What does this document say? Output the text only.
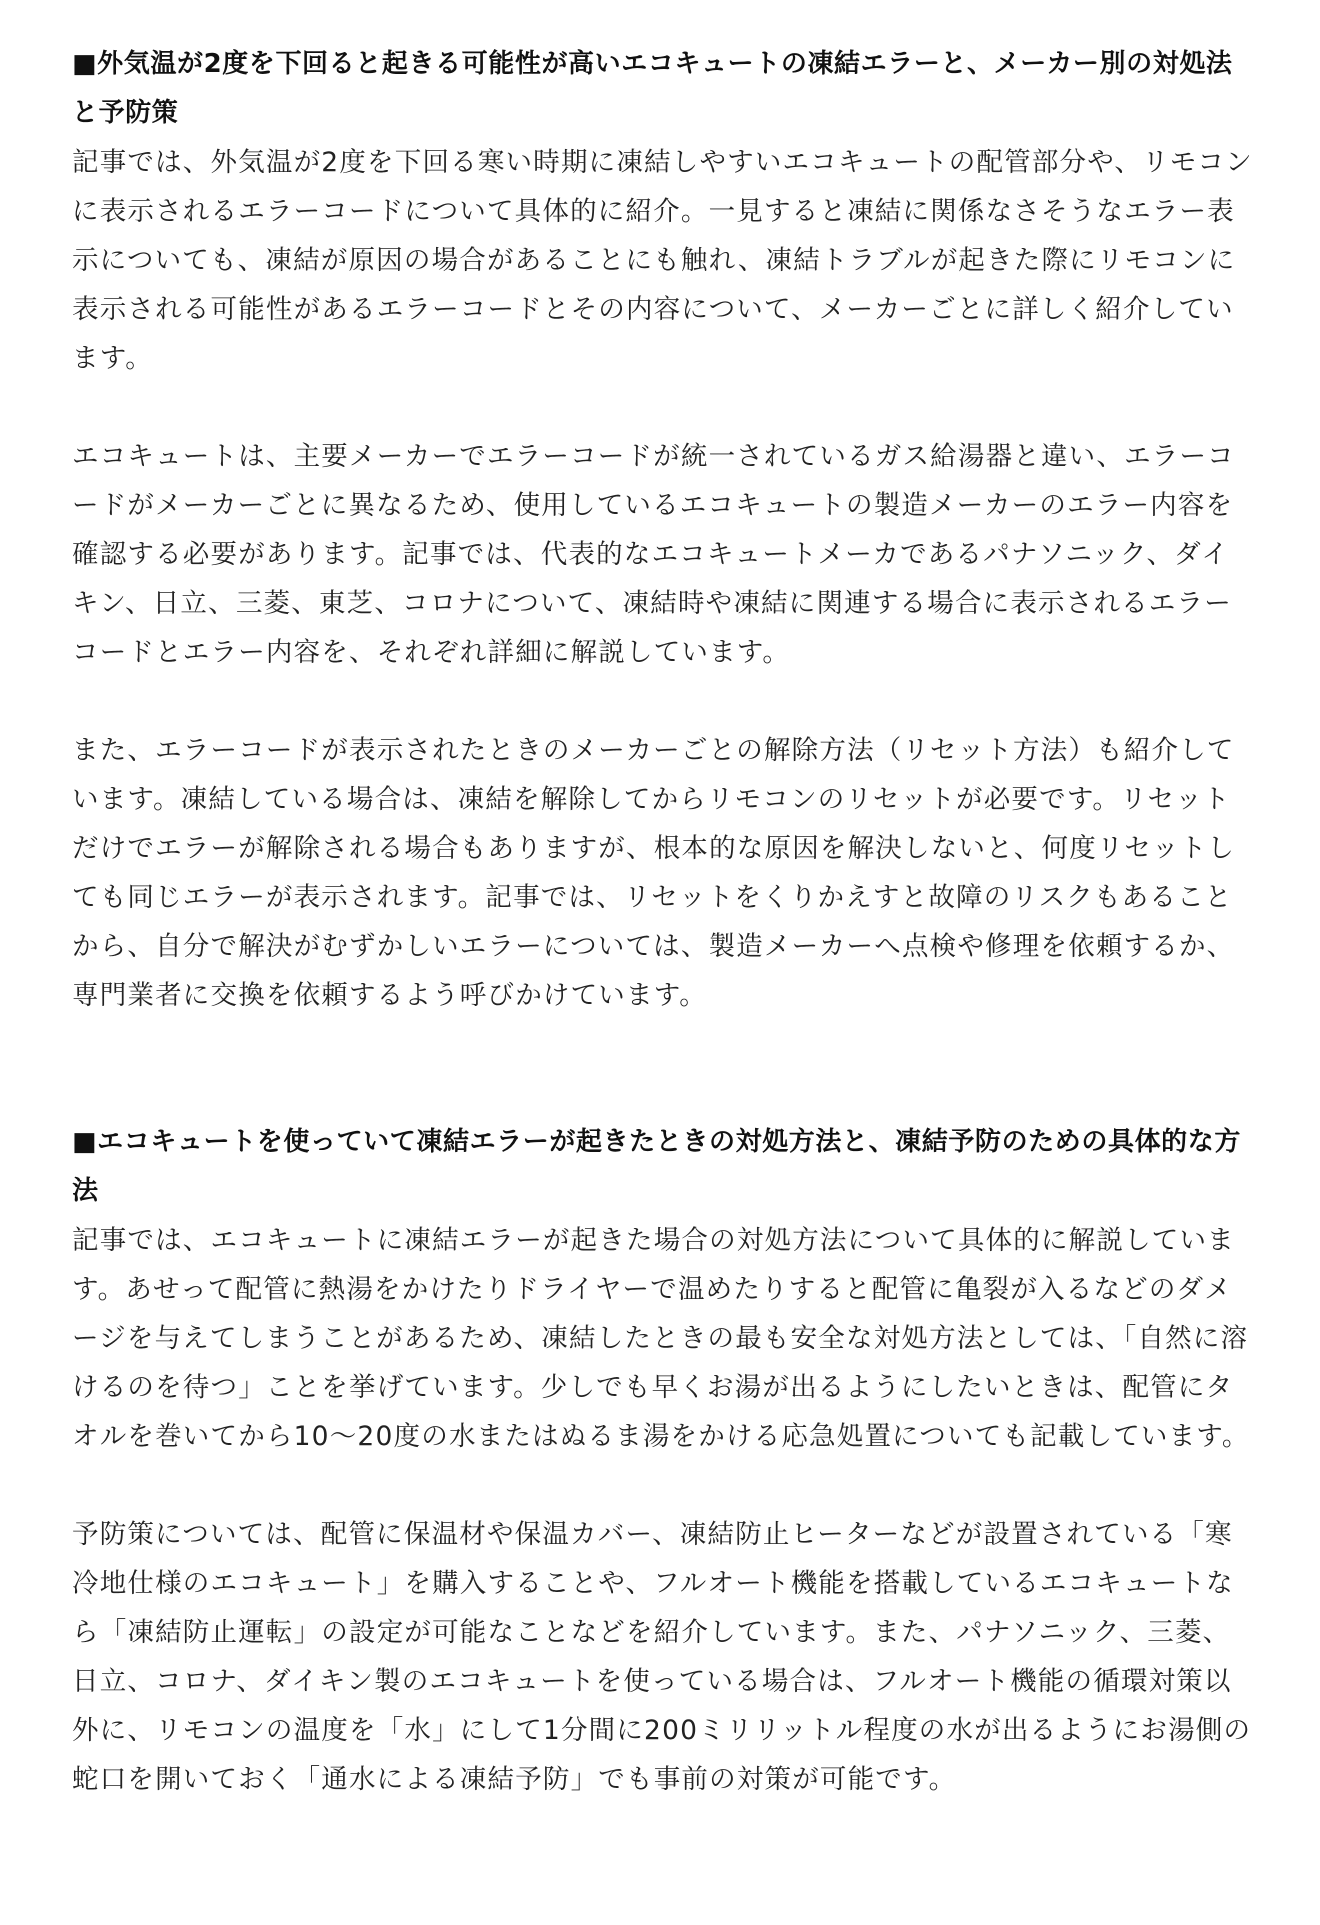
■外気温が2度を下回ると起きる可能性が高いエコキュートの凍結エラーと、メーカー別の対処法と予防策

記事では、外気温が2度を下回る寒い時期に凍結しやすいエコキュートの配管部分や、リモコンに表示されるエラーコードについて具体的に紹介。一見すると凍結に関係なさそうなエラー表示についても、凍結が原因の場合があることにも触れ、凍結トラブルが起きた際にリモコンに表示される可能性があるエラーコードとその内容について、メーカーごとに詳しく紹介しています。

エコキュートは、主要メーカーでエラーコードが統一されているガス給湯器と違い、エラーコードがメーカーごとに異なるため、使用しているエコキュートの製造メーカーのエラー内容を確認する必要があります。記事では、代表的なエコキュートメーカであるパナソニック、ダイキン、日立、三菱、東芝、コロナについて、凍結時や凍結に関連する場合に表示されるエラーコードとエラー内容を、それぞれ詳細に解説しています。

また、エラーコードが表示されたときのメーカーごとの解除方法（リセット方法）も紹介しています。凍結している場合は、凍結を解除してからリモコンのリセットが必要です。リセットだけでエラーが解除される場合もありますが、根本的な原因を解決しないと、何度リセットしても同じエラーが表示されます。記事では、リセットをくりかえすと故障のリスクもあることから、自分で解決がむずかしいエラーについては、製造メーカーへ点検や修理を依頼するか、専門業者に交換を依頼するよう呼びかけています。

■エコキュートを使っていて凍結エラーが起きたときの対処方法と、凍結予防のための具体的な方法

記事では、エコキュートに凍結エラーが起きた場合の対処方法について具体的に解説しています。あせって配管に熱湯をかけたりドライヤーで温めたりすると配管に亀裂が入るなどのダメージを与えてしまうことがあるため、凍結したときの最も安全な対処方法としては、「自然に溶けるのを待つ」ことを挙げています。少しでも早くお湯が出るようにしたいときは、配管にタオルを巻いてから10〜20度の水またはぬるま湯をかける応急処置についても記載しています。

予防策については、配管に保温材や保温カバー、凍結防止ヒーターなどが設置されている「寒冷地仕様のエコキュート」を購入することや、フルオート機能を搭載しているエコキュートなら「凍結防止運転」の設定が可能なことなどを紹介しています。また、パナソニック、三菱、日立、コロナ、ダイキン製のエコキュートを使っている場合は、フルオート機能の循環対策以外に、リモコンの温度を「水」にして1分間に200ミリリットル程度の水が出るようにお湯側の蛇口を開いておく「通水による凍結予防」でも事前の対策が可能です。
